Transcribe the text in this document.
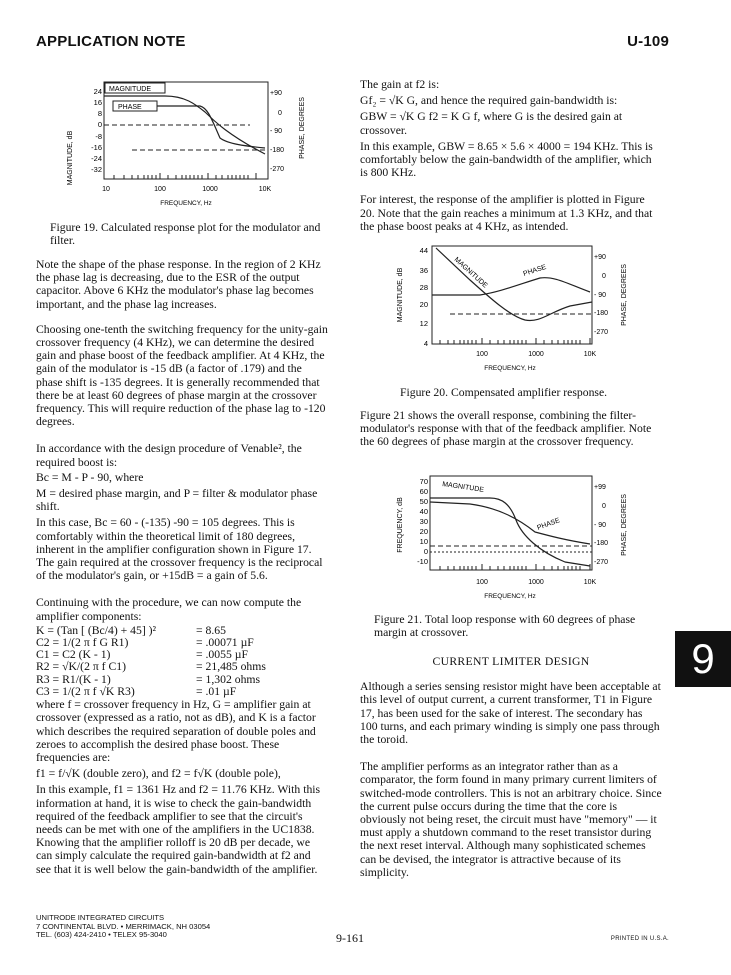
APPLICATION NOTE	U-109
MAGNITUDE, dB	PHASE, DEGREES
24
16
8
0
-8
-16
-24
-32
+90
0
- 90
-180
-270
MAGNITUDE
PHASE
10	100	1000	10K
FREQUENCY, Hz
Figure 19. Calculated response plot for the modulator and filter.

Note the shape of the phase response. In the region of 2 KHz the phase lag is decreasing, due to the ESR of the output capacitor. Above 6 KHz the modulator's phase lag becomes important, and the phase lag increases.

Choosing one-tenth the switching frequency for the unity-gain crossover frequency (4 KHz), we can determine the desired gain and phase boost of the feedback amplifier. At 4 KHz, the gain of the modulator is -15 dB (a factor of .179) and the phase shift is -135 degrees. It is generally recommended that there be at least 60 degrees of phase margin at the crossover frequency. This will require reduction of the phase lag to -120 degrees.

In accordance with the design procedure of Venable², the required boost is:

Bc = M - P - 90, where

M = desired phase margin, and P = filter & modulator phase shift.

In this case, Bc = 60 - (-135) -90 = 105 degrees. This is comfortably within the theoretical limit of 180 degrees, inherent in the amplifier configuration shown in Figure 17. The gain required at the crossover frequency is the reciprocal of the modulator's gain, or +15dB = a gain of 5.6.

Continuing with the procedure, we can now compute the amplifier components:

K = (Tan [ (Bc/4) + 45] )²	= 8.65
C2 = 1/(2 π f G R1)	= .00071 µF
C1 = C2 (K - 1)	= .0055 µF
R2 = √K/(2 π f C1)	= 21,485 ohms
R3 = R1/(K - 1)	= 1,302 ohms
C3 = 1/(2 π f √K R3)	= .01 µF

where f = crossover frequency in Hz, G = amplifier gain at crossover (expressed as a ratio, not as dB), and K is a factor which describes the required separation of double poles and zeroes to accomplish the desired phase boost. These frequencies are:

f1 = f/√K (double zero), and f2 = f√K (double pole),

In this example, f1 = 1361 Hz and f2 = 11.76 KHz. With this information at hand, it is wise to check the gain-bandwidth required of the feedback amplifier to see that the circuit's needs can be met with one of the amplifiers in the UC1838. Knowing that the amplifier rolloff is 20 dB per decade, we can simply calculate the required gain-bandwidth at f2 and see that it is well below the gain-bandwidth of the amplifier.

The gain at f2 is:

Gf₂ = √K G, and hence the required gain-bandwidth is:

GBW = √K G f2 = K G f, where G is the desired gain at crossover.

In this example, GBW = 8.65 × 5.6 × 4000 = 194 KHz. This is comfortably below the gain-bandwidth of the amplifier, which is 800 KHz.

For interest, the response of the amplifier is plotted in Figure 20. Note that the gain reaches a minimum at 1.3 KHz, and that the phase boost peaks at 4 KHz, as intended.

MAGNITUDE, dB	PHASE, DEGREES
44
36
28
20
12
4
+90
0
- 90
-180
-270
MAGNITUDE	PHASE
100	1000	10K
FREQUENCY, Hz
Figure 20. Compensated amplifier response.

Figure 21 shows the overall response, combining the filter-modulator's response with that of the feedback amplifier. Note the 60 degrees of phase margin at the crossover frequency.

FREQUENCY, dB	PHASE, DEGREES
70
60
50
40
30
20
10
0
-10
+99
0
- 90
-180
-270
MAGNITUDE
PHASE
100	1000	10K
FREQUENCY, Hz
Figure 21. Total loop response with 60 degrees of phase margin at crossover.

CURRENT LIMITER DESIGN

Although a series sensing resistor might have been acceptable at this level of output current, a current transformer, T1 in Figure 17, has been used for the sake of interest. The secondary has 100 turns, and each primary winding is simply one pass through the toroid.

The amplifier performs as an integrator rather than as a comparator, the form found in many primary current limiters of switched-mode controllers. This is not an arbitrary choice. Since the current pulse occurs during the time that the core is obviously not being reset, the circuit must have "memory" — it must apply a shutdown command to the reset transistor during the next reset interval. Although many sophisticated schemes can be devised, the integrator is attractive because of its simplicity.

9
UNITRODE INTEGRATED CIRCUITS
7 CONTINENTAL BLVD. • MERRIMACK, NH 03054
TEL. (603) 424-2410 • TELEX 95-3040	9-161	PRINTED IN U.S.A.
